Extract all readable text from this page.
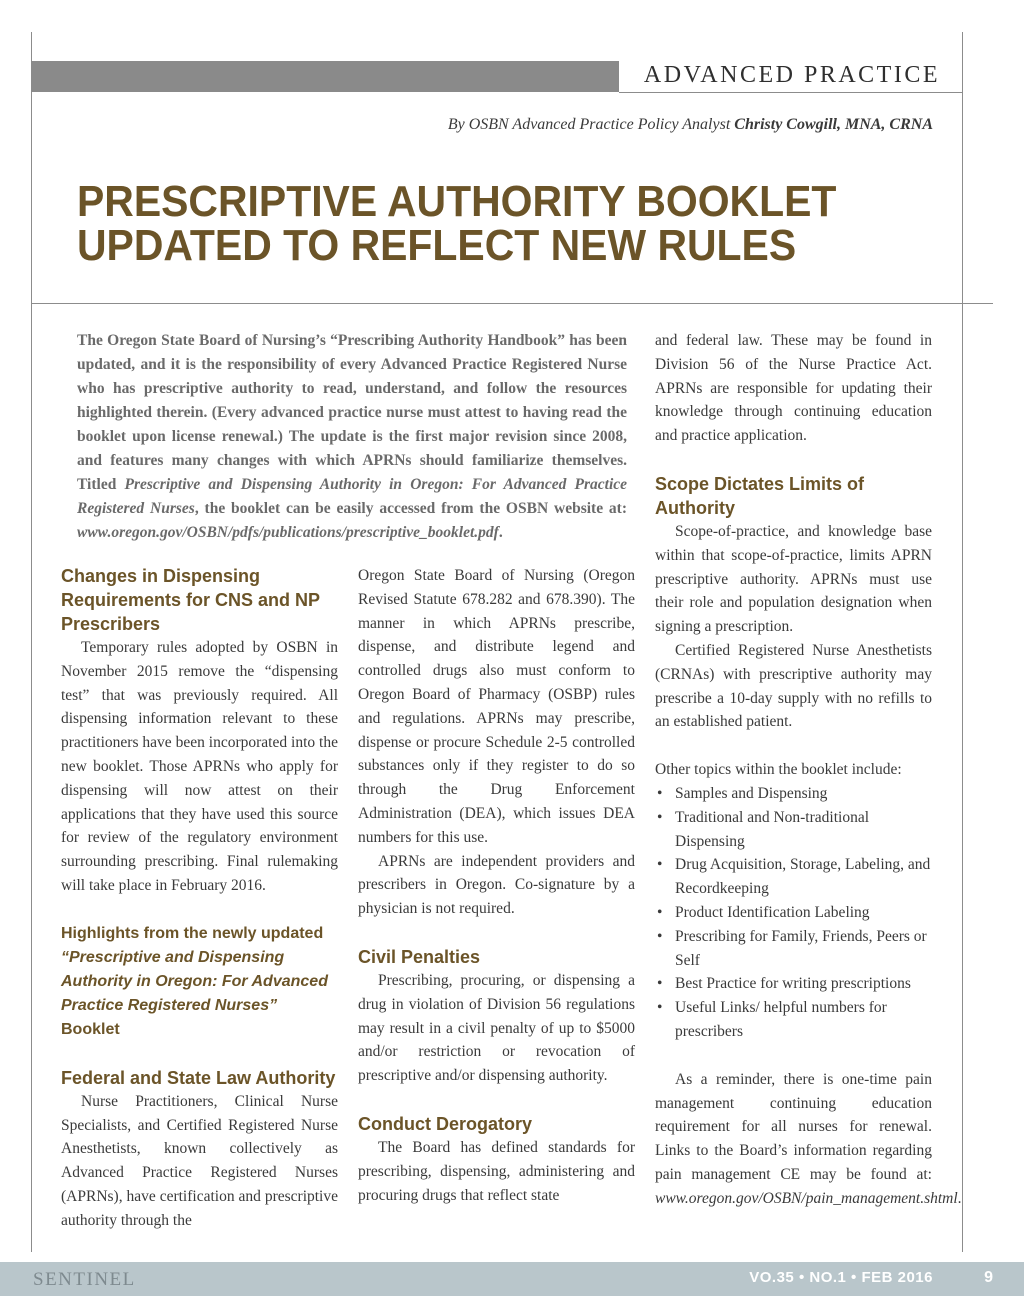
ADVANCED PRACTICE
By OSBN Advanced Practice Policy Analyst Christy Cowgill, MNA, CRNA
PRESCRIPTIVE AUTHORITY BOOKLET
UPDATED TO REFLECT NEW RULES

The Oregon State Board of Nursing’s “Prescribing Authority Handbook” has been updated, and it is the responsibility of every Advanced Practice Registered Nurse who has prescriptive authority to read, understand, and follow the resources highlighted therein. (Every advanced practice nurse must attest to having read the booklet upon license renewal.) The update is the first major revision since 2008, and features many changes with which APRNs should familiarize themselves. Titled Prescriptive and Dispensing Authority in Oregon: For Advanced Practice Registered Nurses, the booklet can be easily accessed from the OSBN website at: www.oregon.gov/OSBN/pdfs/publications/prescriptive_booklet.pdf.

Changes in Dispensing Requirements for CNS and NP Prescribers

Temporary rules adopted by OSBN in November 2015 remove the “dispensing test” that was previously required. All dispensing information relevant to these practitioners have been incorporated into the new booklet. Those APRNs who apply for dispensing will now attest on their applications that they have used this source for review of the regulatory environment surrounding prescribing. Final rulemaking will take place in February 2016.

Highlights from the newly updated “Prescriptive and Dispensing Authority in Oregon: For Advanced Practice Registered Nurses” Booklet
Federal and State Law Authority

Nurse Practitioners, Clinical Nurse Specialists, and Certified Registered Nurse Anesthetists, known collectively as Advanced Practice Registered Nurses (APRNs), have certification and prescriptive authority through the

Oregon State Board of Nursing (Oregon Revised Statute 678.282 and 678.390). The manner in which APRNs prescribe, dispense, and distribute legend and controlled drugs also must conform to Oregon Board of Pharmacy (OSBP) rules and regulations. APRNs may prescribe, dispense or procure Schedule 2-5 controlled substances only if they register to do so through the Drug Enforcement Administration (DEA), which issues DEA numbers for this use.

APRNs are independent providers and prescribers in Oregon. Co-signature by a physician is not required.

Civil Penalties

Prescribing, procuring, or dispensing a drug in violation of Division 56 regulations may result in a civil penalty of up to $5000 and/or restriction or revocation of prescriptive and/or dispensing authority.

Conduct Derogatory

The Board has defined standards for prescribing, dispensing, administering and procuring drugs that reflect state

and federal law. These may be found in Division 56 of the Nurse Practice Act. APRNs are responsible for updating their knowledge through continuing education and practice application.

Scope Dictates Limits of Authority

Scope-of-practice, and knowledge base within that scope-of-practice, limits APRN prescriptive authority. APRNs must use their role and population designation when signing a prescription.

Certified Registered Nurse Anesthetists (CRNAs) with prescriptive authority may prescribe a 10-day supply with no refills to an established patient.

Other topics within the booklet include:

• Samples and Dispensing
• Traditional and Non-traditional Dispensing
• Drug Acquisition, Storage, Labeling, and Recordkeeping
• Product Identification Labeling
• Prescribing for Family, Friends, Peers or Self
• Best Practice for writing prescriptions
• Useful Links/ helpful numbers for prescribers

As a reminder, there is one-time pain management continuing education requirement for all nurses for renewal. Links to the Board’s information regarding pain management CE may be found at: www.oregon.gov/OSBN/pain_management.shtml.

SENTINEL	VO.35 • NO.1 • FEB 2016	9
